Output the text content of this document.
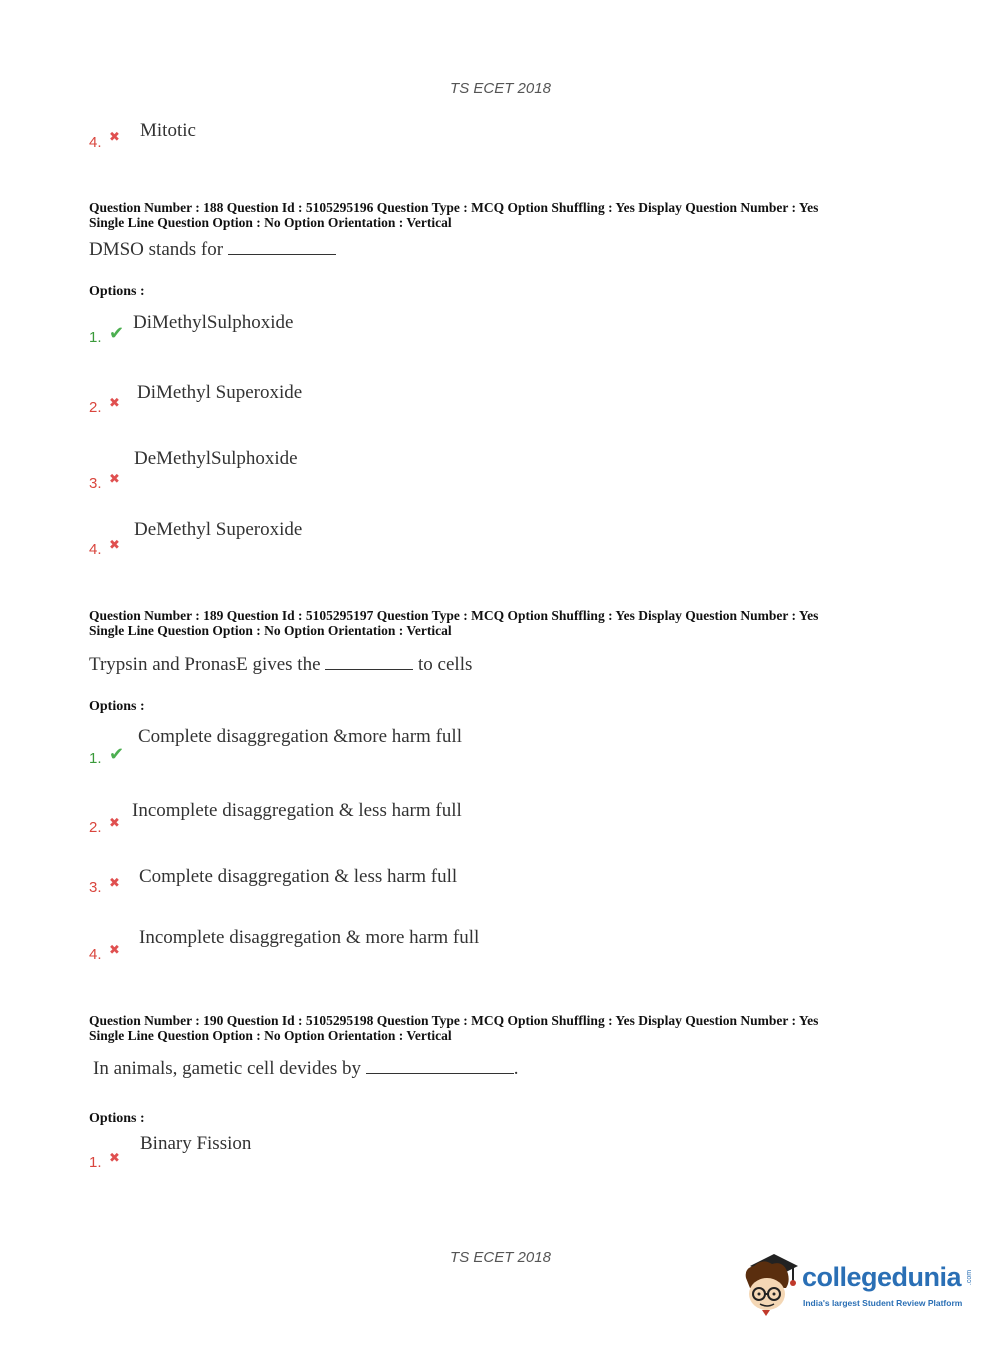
TS ECET 2018
4. ✖ Mitotic
Question Number : 188 Question Id : 5105295196 Question Type : MCQ Option Shuffling : Yes Display Question Number : Yes
Single Line Question Option : No Option Orientation : Vertical
DMSO stands for
Options :
1. ✔
DiMethylSulphoxide
2. ✖
DiMethyl Superoxide
3. ✖
DeMethylSulphoxide
4. ✖
DeMethyl Superoxide
Question Number : 189 Question Id : 5105295197 Question Type : MCQ Option Shuffling : Yes Display Question Number : Yes
Single Line Question Option : No Option Orientation : Vertical
Trypsin and PronasE gives the	to cells
Options :
1. ✔
Complete disaggregation &more harm full
2. ✖
Incomplete disaggregation & less harm full
3. ✖ Complete disaggregation & less harm full
4. ✖
Incomplete disaggregation & more harm full
Question Number : 190 Question Id : 5105295198 Question Type : MCQ Option Shuffling : Yes Display Question Number : Yes
Single Line Question Option : No Option Orientation : Vertical
In animals, gametic cell devides by	.
Options :
1. ✖
Binary Fission
TS ECET 2018
collegedunia .com
India's largest Student Review Platform
